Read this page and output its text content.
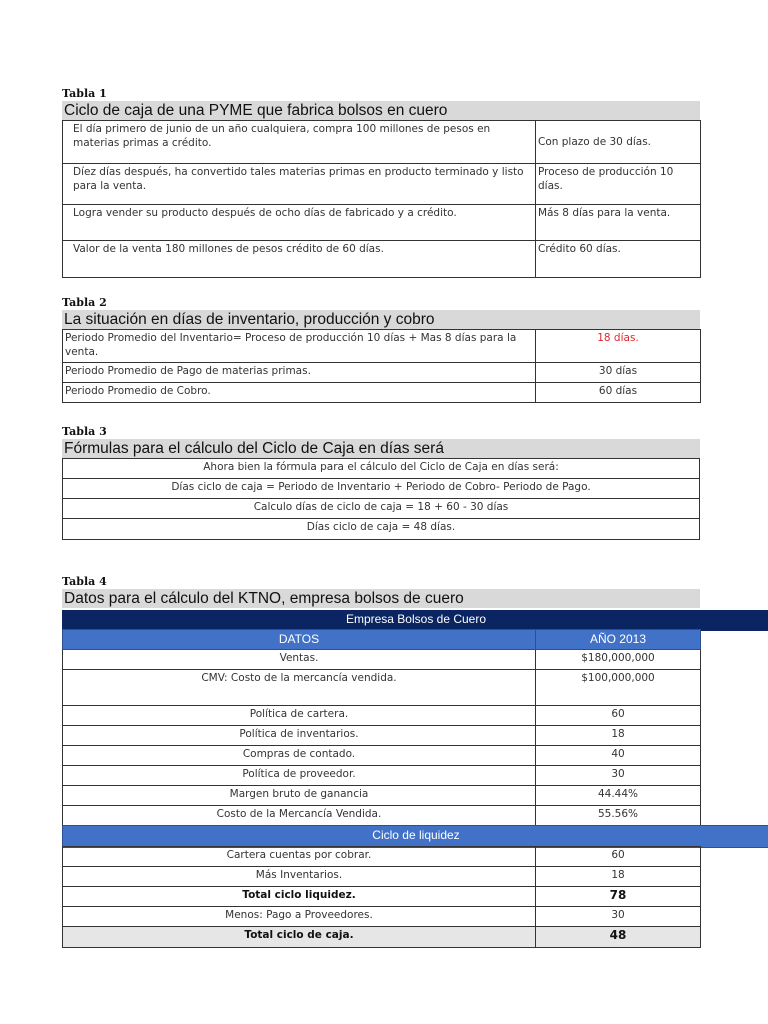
Tabla 1
Ciclo de caja de una PYME que fabrica bolsos en cuero
El día primero de junio de un año cualquiera, compra 100 millones de pesos en materias primas a crédito.	Con plazo de 30 días.
Díez días después, ha convertido tales materias primas en producto terminado y listo para la venta.	Proceso de producción 10 días.
Logra vender su producto después de ocho días de fabricado y a crédito.	Más 8 días para la venta.
Valor de la venta 180 millones de pesos crédito de 60 días.	Crédito 60 días.
Tabla 2
La situación en días de inventario, producción y cobro
Periodo Promedio del Inventario= Proceso de producción 10 días + Mas 8 días para la venta.	18 días.
Periodo Promedio de Pago de materias primas.	30 días
Periodo Promedio de Cobro.	60 días
Tabla 3
Fórmulas para el cálculo del Ciclo de Caja en días será
Ahora bien la fórmula para el cálculo del Ciclo de Caja en días será:
Días ciclo de caja = Periodo de Inventario + Periodo de Cobro- Periodo de Pago.
Calculo días de ciclo de caja = 18 + 60 - 30 días
Días ciclo de caja = 48 días.
Tabla 4
Datos para el cálculo del KTNO, empresa bolsos de cuero
Empresa Bolsos de Cuero
DATOS	AÑO 2013
Ventas.	$180,000,000
CMV: Costo de la mercancía vendida.	$100,000,000
Política de cartera.	60
Política de inventarios.	18
Compras de contado.	40
Política de proveedor.	30
Margen bruto de ganancia	44.44%
Costo de la Mercancía Vendida.	55.56%
Ciclo de liquidez
Cartera cuentas por cobrar.	60
Más Inventarios.	18
Total ciclo liquidez.	78
Menos: Pago a Proveedores.	30
Total ciclo de caja.	48
